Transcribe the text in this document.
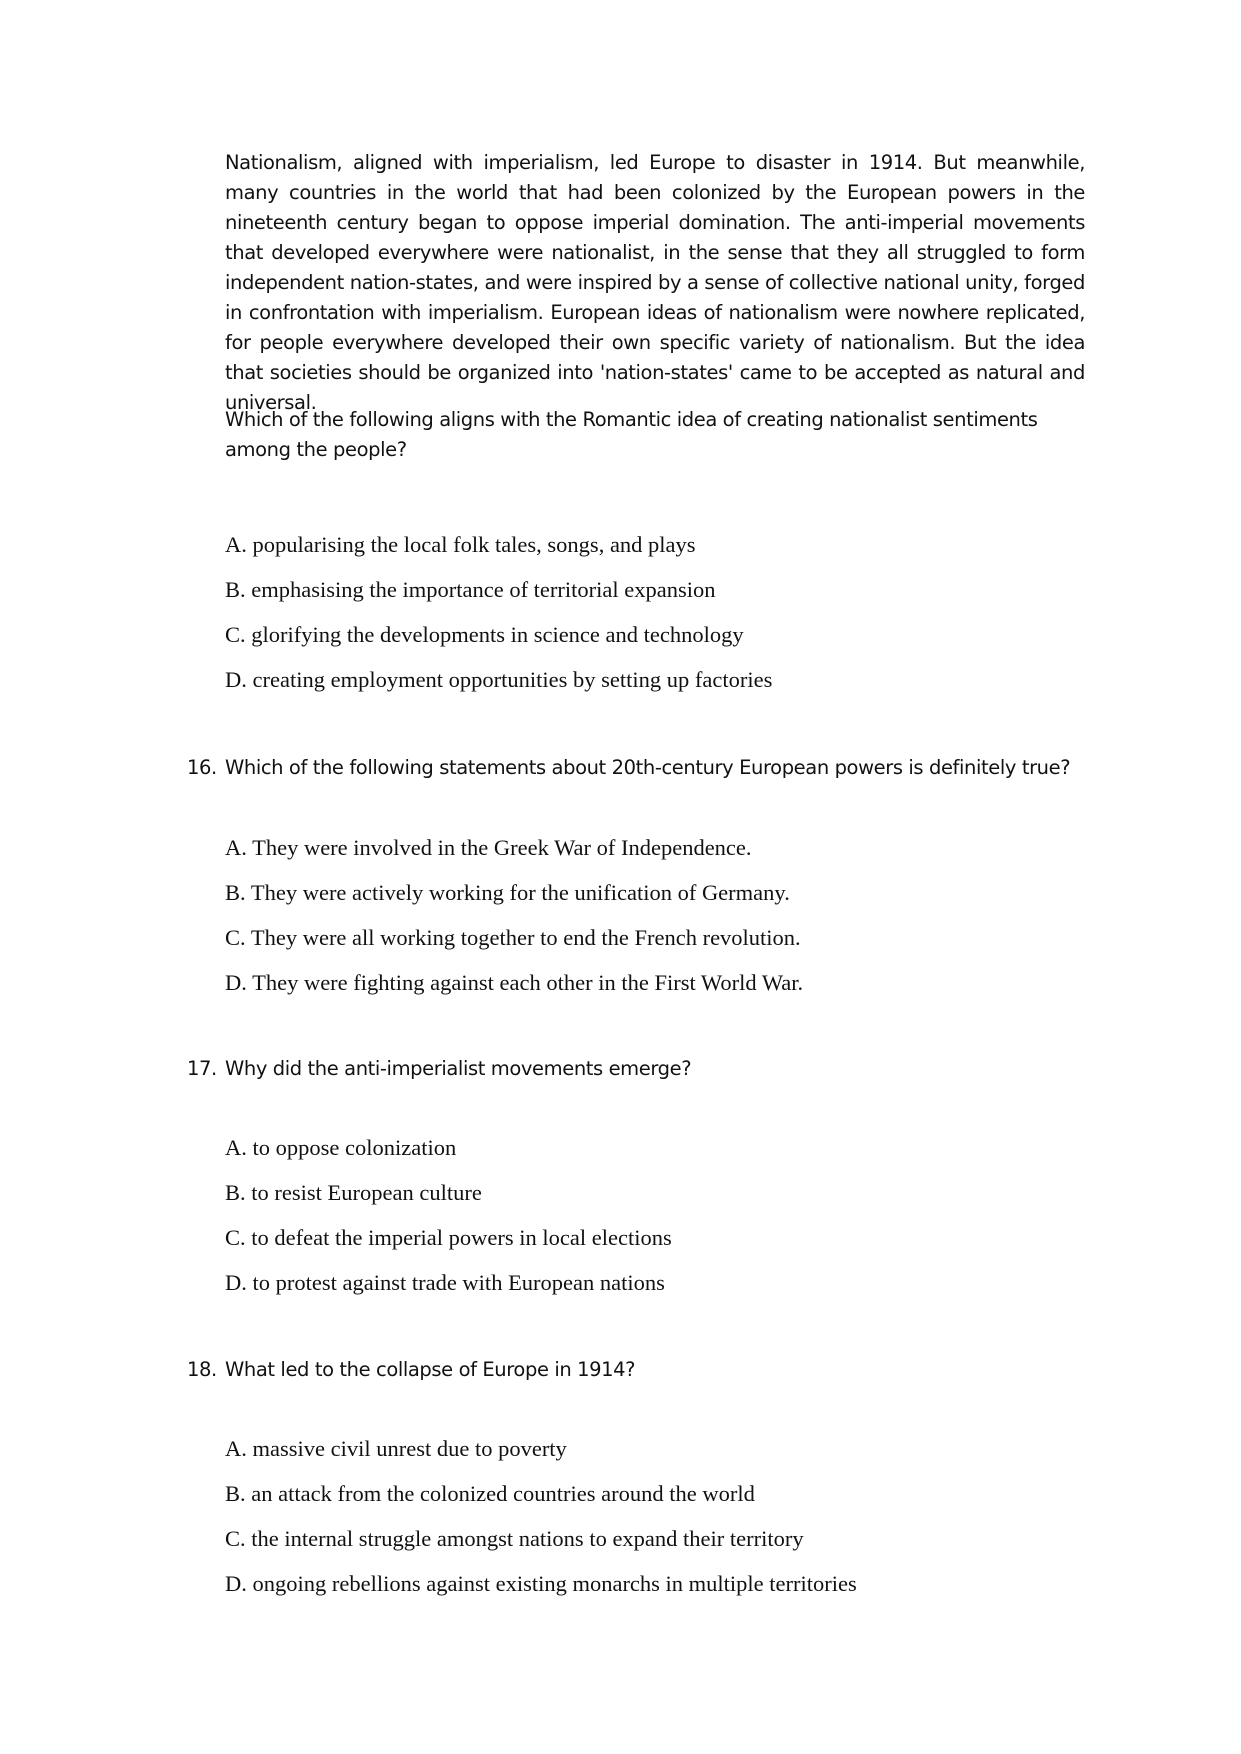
Nationalism, aligned with imperialism, led Europe to disaster in 1914. But meanwhile, many countries in the world that had been colonized by the European powers in the nineteenth century began to oppose imperial domination. The anti-imperial movements that developed everywhere were nationalist, in the sense that they all struggled to form independent nation-states, and were inspired by a sense of collective national unity, forged in confrontation with imperialism. European ideas of nationalism were nowhere replicated, for people everywhere developed their own specific variety of nationalism. But the idea that societies should be organized into 'nation-states' came to be accepted as natural and universal.

Which of the following aligns with the Romantic idea of creating nationalist sentiments among the people?

A. popularising the local folk tales, songs, and plays
B. emphasising the importance of territorial expansion
C. glorifying the developments in science and technology
D. creating employment opportunities by setting up factories
16. Which of the following statements about 20th-century European powers is definitely true?
A. They were involved in the Greek War of Independence.
B. They were actively working for the unification of Germany.
C. They were all working together to end the French revolution.
D. They were fighting against each other in the First World War.
17. Why did the anti-imperialist movements emerge?
A. to oppose colonization
B. to resist European culture
C. to defeat the imperial powers in local elections
D. to protest against trade with European nations
18. What led to the collapse of Europe in 1914?
A. massive civil unrest due to poverty
B. an attack from the colonized countries around the world
C. the internal struggle amongst nations to expand their territory
D. ongoing rebellions against existing monarchs in multiple territories
